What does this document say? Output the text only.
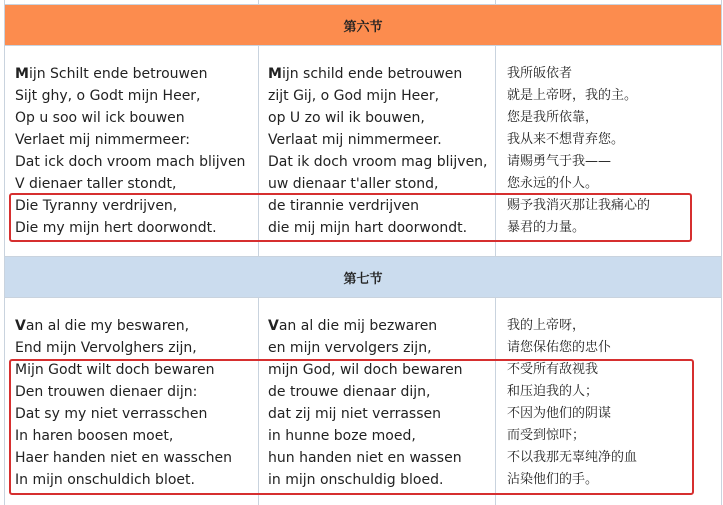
第六节
Mijn Schilt ende betrouwen
Sijt ghy, o Godt mijn Heer,
Op u soo wil ick bouwen
Verlaet mij nimmermeer:
Dat ick doch vroom mach blijven
V dienaer taller stondt,
Die Tyranny verdrijven,
Die my mijn hert doorwondt.
Mijn schild ende betrouwen
zijt Gij, o God mijn Heer,
op U zo wil ik bouwen,
Verlaat mij nimmermeer.
Dat ik doch vroom mag blijven,
uw dienaar t'aller stond,
de tirannie verdrijven
die mij mijn hart doorwondt.
我所皈依者
就是上帝呀，我的主。
您是我所依靠，
我从来不想背弃您。
请赐勇气于我——
您永远的仆人。
赐予我消灭那让我痛心的
暴君的力量。
第七节
Van al die my beswaren,
End mijn Vervolghers zijn,
Mijn Godt wilt doch bewaren
Den trouwen dienaer dijn:
Dat sy my niet verrasschen
In haren boosen moet,
Haer handen niet en wasschen
In mijn onschuldich bloet.
Van al die mij bezwaren
en mijn vervolgers zijn,
mijn God, wil doch bewaren
de trouwe dienaar dijn,
dat zij mij niet verrassen
in hunne boze moed,
hun handen niet en wassen
in mijn onschuldig bloed.
我的上帝呀，
请您保佑您的忠仆
不受所有敌视我
和压迫我的人；
不因为他们的阴谋
而受到惊吓；
不以我那无辜纯净的血
沾染他们的手。
